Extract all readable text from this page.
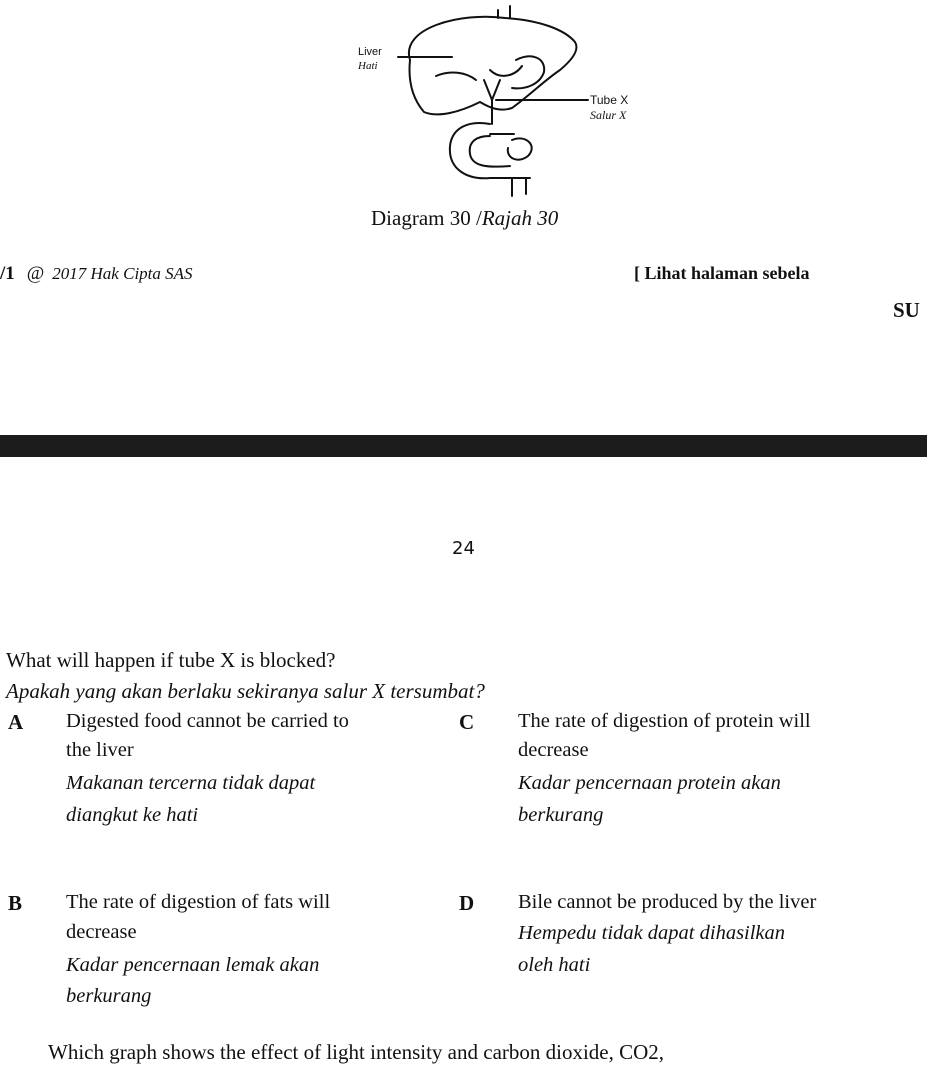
Liver
Hati
Tube X
Salur X
Diagram 30 /Rajah 30
/1 @ 2017 Hak Cipta SAS	[ Lihat halaman sebela
SU
24
What will happen if tube X is blocked?
Apakah yang akan berlaku sekiranya salur X tersumbat?
A Digested food cannot be carried to
the liver
Makanan tercerna tidak dapat
diangkut ke hati
C The rate of digestion of protein will
decrease
Kadar pencernaan protein akan
berkurang
B The rate of digestion of fats will
decrease
Kadar pencernaan lemak akan
berkurang
D Bile cannot be produced by the liver
Hempedu tidak dapat dihasilkan
oleh hati
Which graph shows the effect of light intensity and carbon dioxide, CO2,
